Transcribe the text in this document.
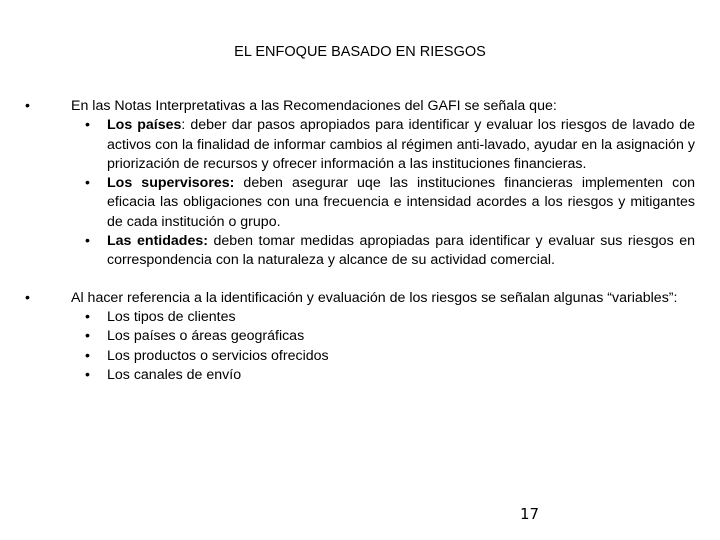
EL ENFOQUE BASADO EN RIESGOS
•	En las Notas Interpretativas a las Recomendaciones del GAFI se señala que:
• Los países: deber dar pasos apropiados para identificar y evaluar los riesgos de lavado de activos con la finalidad de informar cambios al régimen anti-lavado, ayudar en la asignación y priorización de recursos y ofrecer información a las instituciones financieras.
• Los supervisores: deben asegurar uqe las instituciones financieras implementen con eficacia las obligaciones con una frecuencia e intensidad acordes a los riesgos y mitigantes de cada institución o grupo.
• Las entidades: deben tomar medidas apropiadas para identificar y evaluar sus riesgos en correspondencia con la naturaleza y alcance de su actividad comercial.
•	Al hacer referencia a la identificación y evaluación de los riesgos se señalan algunas “variables”:
• Los tipos de clientes
• Los países o áreas geográficas
• Los productos o servicios ofrecidos
• Los canales de envío
17
